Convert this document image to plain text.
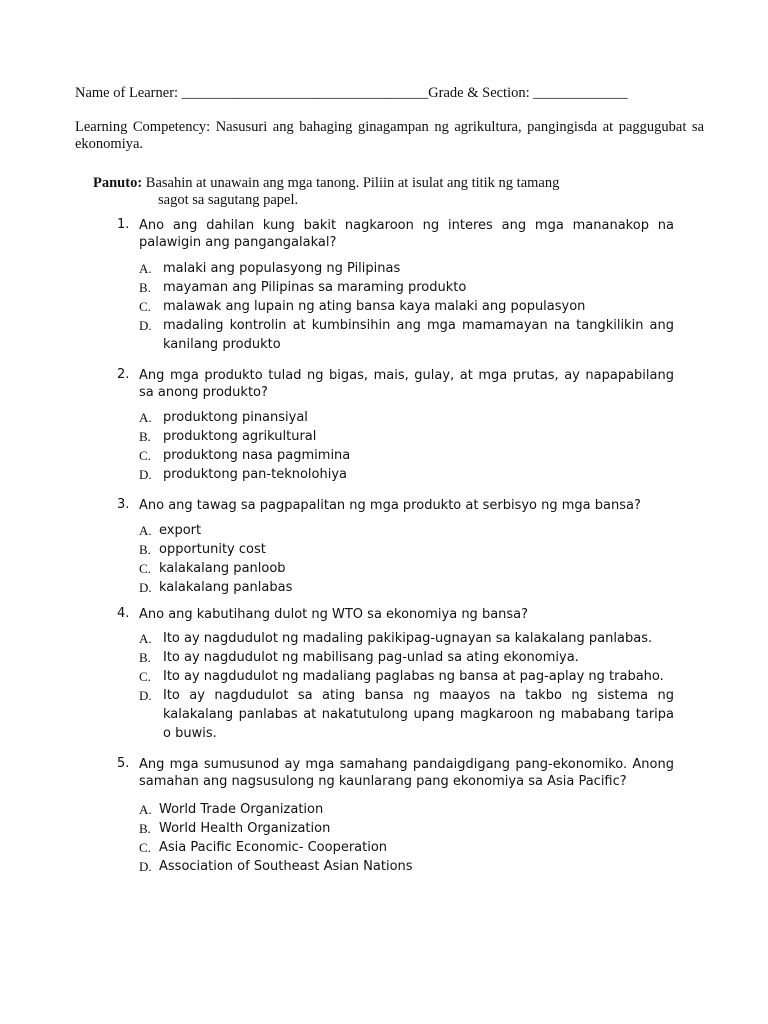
Name of Learner: __________________________________Grade & Section: _____________
Learning Competency: Nasusuri ang bahaging ginagampan ng agrikultura, pangingisda at paggugubat sa ekonomiya.
Panuto: Basahin at unawain ang mga tanong. Piliin at isulat ang titik ng tamang
sagot sa sagutang papel.
1. Ano ang dahilan kung bakit nagkaroon ng interes ang mga mananakop na palawigin ang pangangalakal?
A. malaki ang populasyong ng Pilipinas
B. mayaman ang Pilipinas sa maraming produkto
C. malawak ang lupain ng ating bansa kaya malaki ang populasyon
D. madaling kontrolin at kumbinsihin ang mga mamamayan na tangkilikin ang kanilang produkto
2. Ang mga produkto tulad ng bigas, mais, gulay, at mga prutas, ay napapabilang sa anong produkto?
A. produktong pinansiyal
B. produktong agrikultural
C. produktong nasa pagmimina
D. produktong pan-teknolohiya
3. Ano ang tawag sa pagpapalitan ng mga produkto at serbisyo ng mga bansa?
A. export
B. opportunity cost
C. kalakalang panloob
D. kalakalang panlabas
4. Ano ang kabutihang dulot ng WTO sa ekonomiya ng bansa?
A. Ito ay nagdudulot ng madaling pakikipag-ugnayan sa kalakalang panlabas.
B. Ito ay nagdudulot ng mabilisang pag-unlad sa ating ekonomiya.
C. Ito ay nagdudulot ng madaliang paglabas ng bansa at pag-aplay ng trabaho.
D. Ito ay nagdudulot sa ating bansa ng maayos na takbo ng sistema ng kalakalang panlabas at nakatutulong upang magkaroon ng mababang taripa o buwis.
5. Ang mga sumusunod ay mga samahang pandaigdigang pang-ekonomiko. Anong samahan ang nagsusulong ng kaunlarang pang ekonomiya sa Asia Pacific?
A. World Trade Organization
B. World Health Organization
C. Asia Pacific Economic- Cooperation
D. Association of Southeast Asian Nations
